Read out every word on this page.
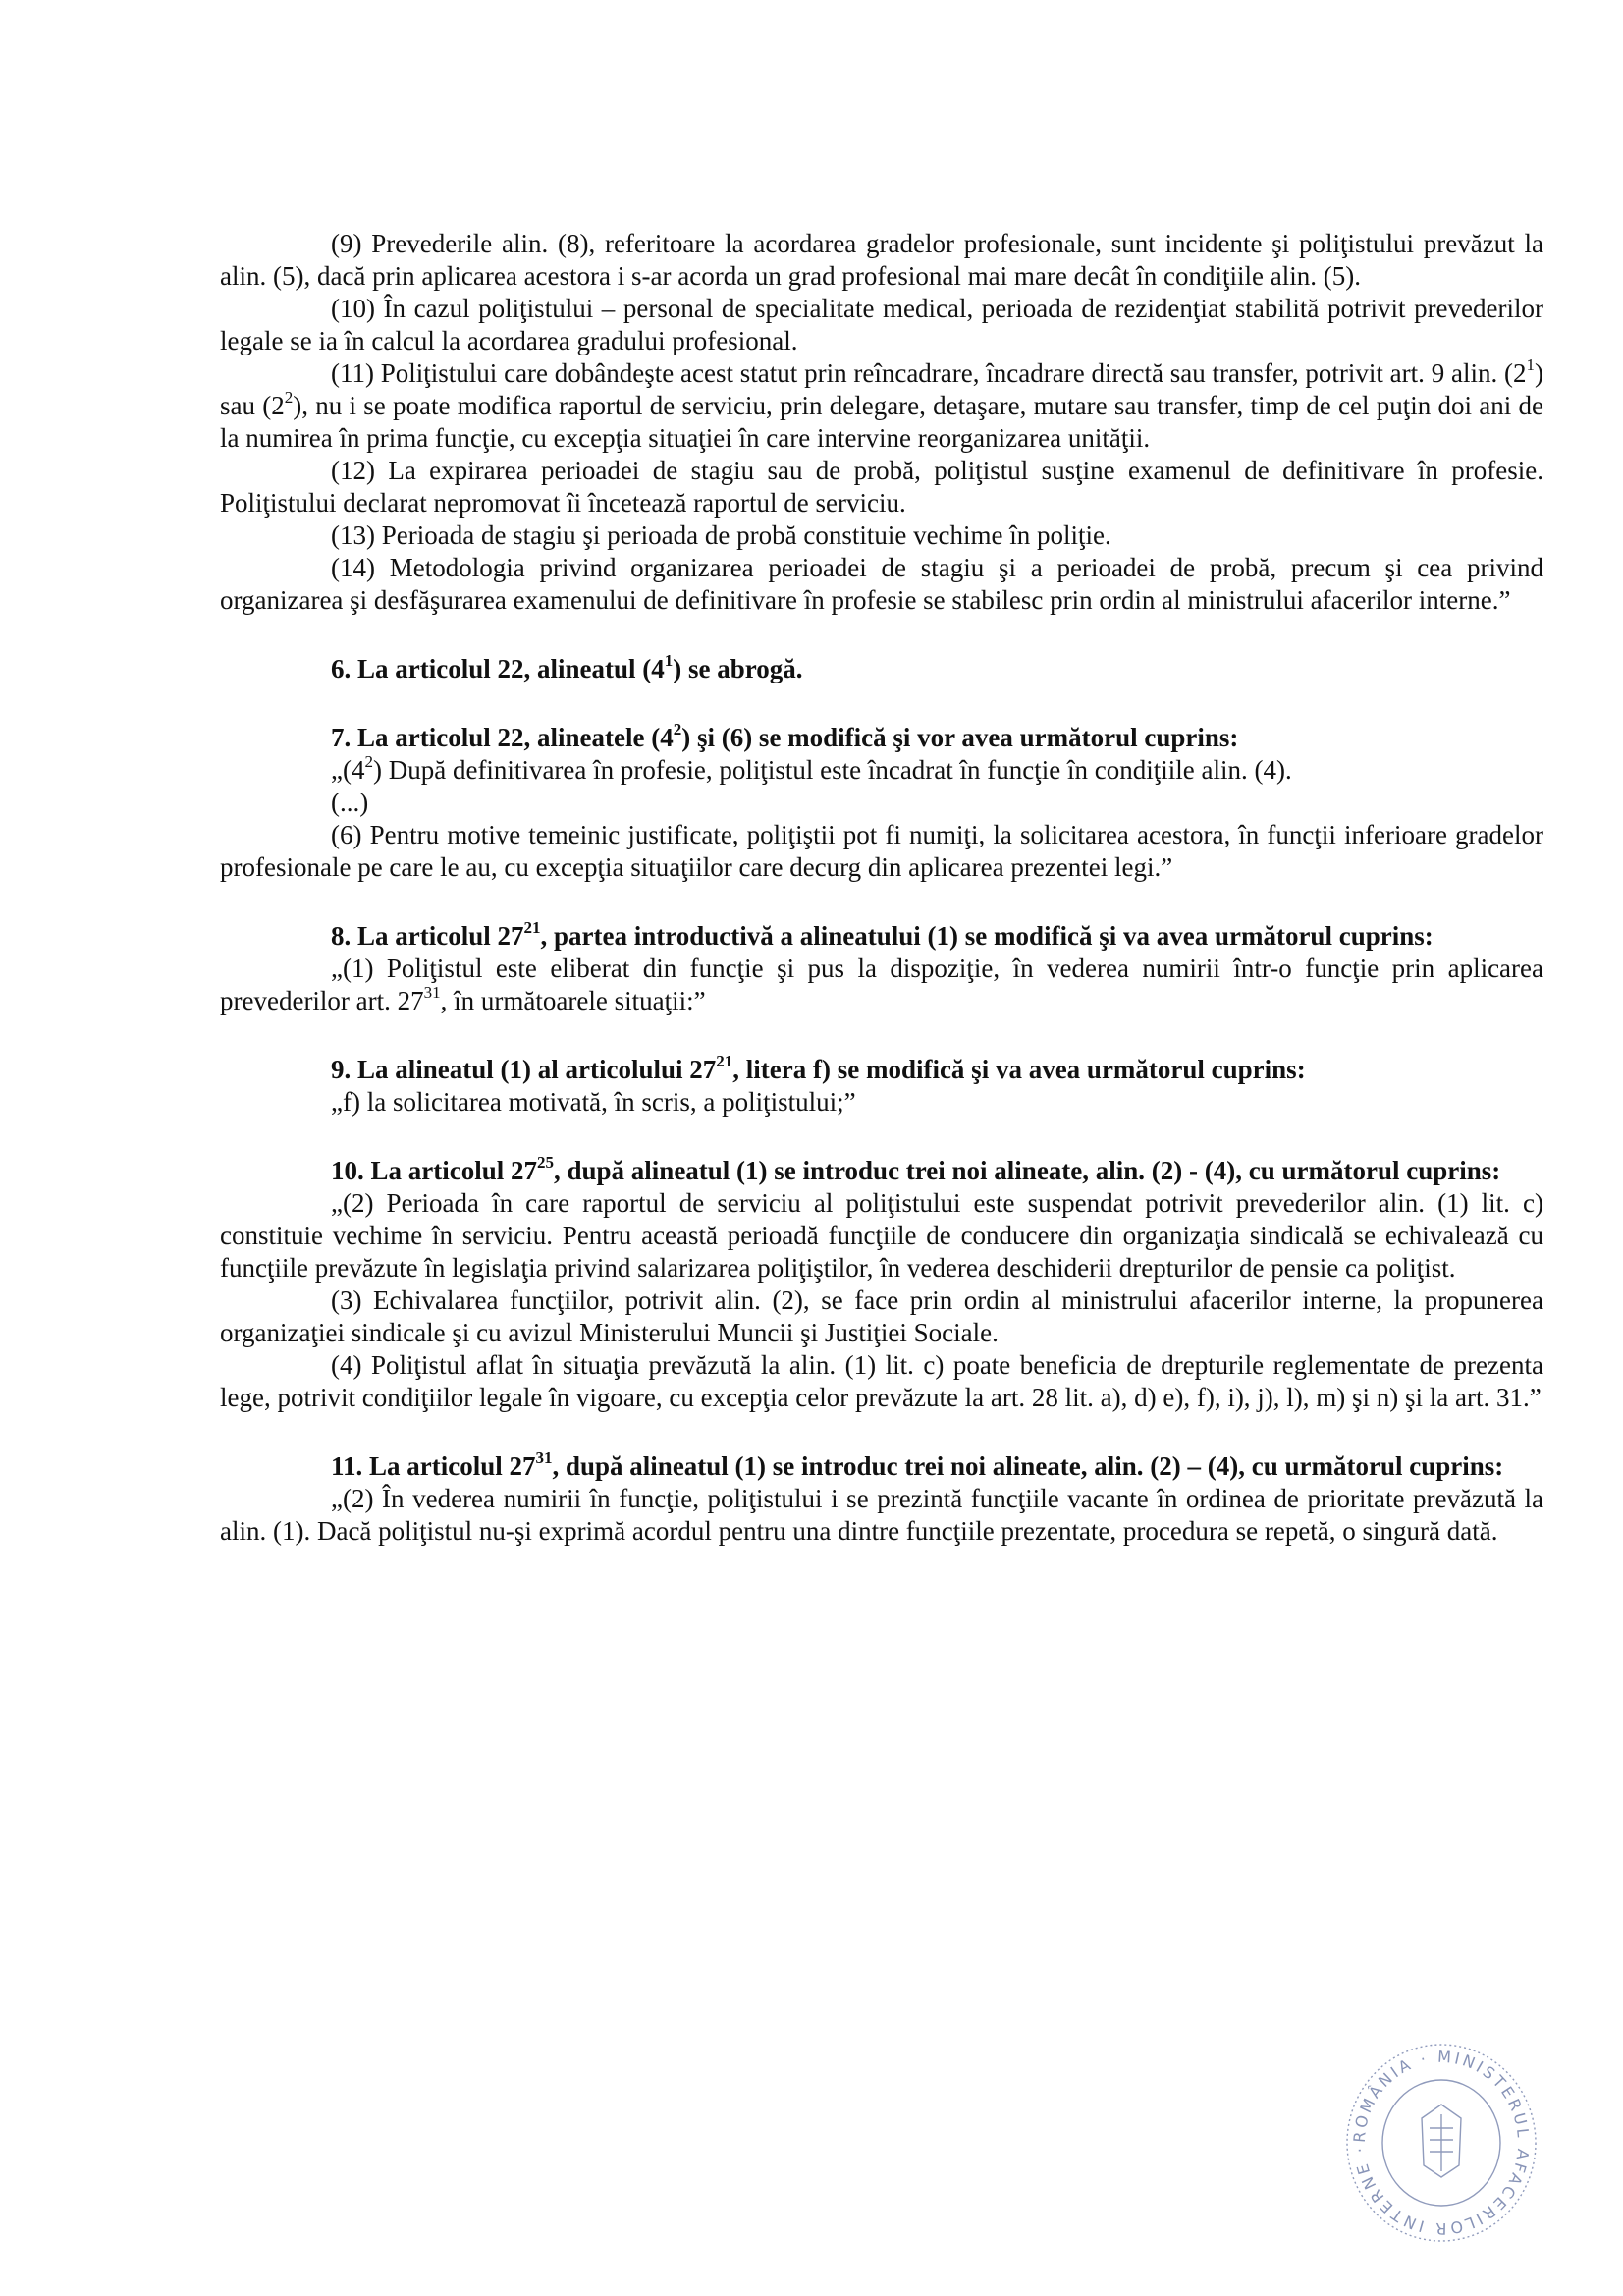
(9) Prevederile alin. (8), referitoare la acordarea gradelor profesionale, sunt incidente şi poliţistului prevăzut la alin. (5), dacă prin aplicarea acestora i s-ar acorda un grad profesional mai mare decât în condiţiile alin. (5).

(10) În cazul poliţistului – personal de specialitate medical, perioada de rezidenţiat stabilită potrivit prevederilor legale se ia în calcul la acordarea gradului profesional.

(11) Poliţistului care dobândeşte acest statut prin reîncadrare, încadrare directă sau transfer, potrivit art. 9 alin. $(2^1)$ sau $(2^2)$, nu i se poate modifica raportul de serviciu, prin delegare, detaşare, mutare sau transfer, timp de cel puţin doi ani de la numirea în prima funcţie, cu excepţia situaţiei în care intervine reorganizarea unităţii.

(12) La expirarea perioadei de stagiu sau de probă, poliţistul susţine examenul de definitivare în profesie. Poliţistului declarat nepromovat îi încetează raportul de serviciu.

(13) Perioada de stagiu şi perioada de probă constituie vechime în poliţie.

(14) Metodologia privind organizarea perioadei de stagiu şi a perioadei de probă, precum şi cea privind organizarea şi desfăşurarea examenului de definitivare în profesie se stabilesc prin ordin al ministrului afacerilor interne.”

6. La articolul 22, alineatul $(4^1)$ se abrogă.

7. La articolul 22, alineatele $(4^2)$ şi (6) se modifică şi vor avea următorul cuprins:

$„(4^2)$ După definitivarea în profesie, poliţistul este încadrat în funcţie în condiţiile alin. (4).

(...)

(6) Pentru motive temeinic justificate, poliţiştii pot fi numiţi, la solicitarea acestora, în funcţii inferioare gradelor profesionale pe care le au, cu excepţia situaţiilor care decurg din aplicarea prezentei legi.”

8. La articolul $27^{21}$, partea introductivă a alineatului (1) se modifică şi va avea următorul cuprins:

„(1) Poliţistul este eliberat din funcţie şi pus la dispoziţie, în vederea numirii într-o funcţie prin aplicarea prevederilor art. $27^{31}$, în următoarele situaţii:”

9. La alineatul (1) al articolului $27^{21}$, litera f) se modifică şi va avea următorul cuprins:

„f) la solicitarea motivată, în scris, a poliţistului;”

10. La articolul $27^{25}$, după alineatul (1) se introduc trei noi alineate, alin. (2) - (4), cu următorul cuprins:

„(2) Perioada în care raportul de serviciu al poliţistului este suspendat potrivit prevederilor alin. (1) lit. c) constituie vechime în serviciu. Pentru această perioadă funcţiile de conducere din organizaţia sindicală se echivalează cu funcţiile prevăzute în legislaţia privind salarizarea poliţiştilor, în vederea deschiderii drepturilor de pensie ca poliţist.

(3) Echivalarea funcţiilor, potrivit alin. (2), se face prin ordin al ministrului afacerilor interne, la propunerea organizaţiei sindicale şi cu avizul Ministerului Muncii şi Justiţiei Sociale.

(4) Poliţistul aflat în situaţia prevăzută la alin. (1) lit. c) poate beneficia de drepturile reglementate de prezenta lege, potrivit condiţiilor legale în vigoare, cu excepţia celor prevăzute la art. 28 lit. a), d) e), f), i), j), l), m) şi n) şi la art. 31.”

11. La articolul $27^{31}$, după alineatul (1) se introduc trei noi alineate, alin. (2) – (4), cu următorul cuprins:

„(2) În vederea numirii în funcţie, poliţistului i se prezintă funcţiile vacante în ordinea de prioritate prevăzută la alin. (1). Dacă poliţistul nu-şi exprimă acordul pentru una dintre funcţiile prezentate, procedura se repetă, o singură dată.

ROMÂNIA · MINISTERUL AFACERILOR INTERNE ·
